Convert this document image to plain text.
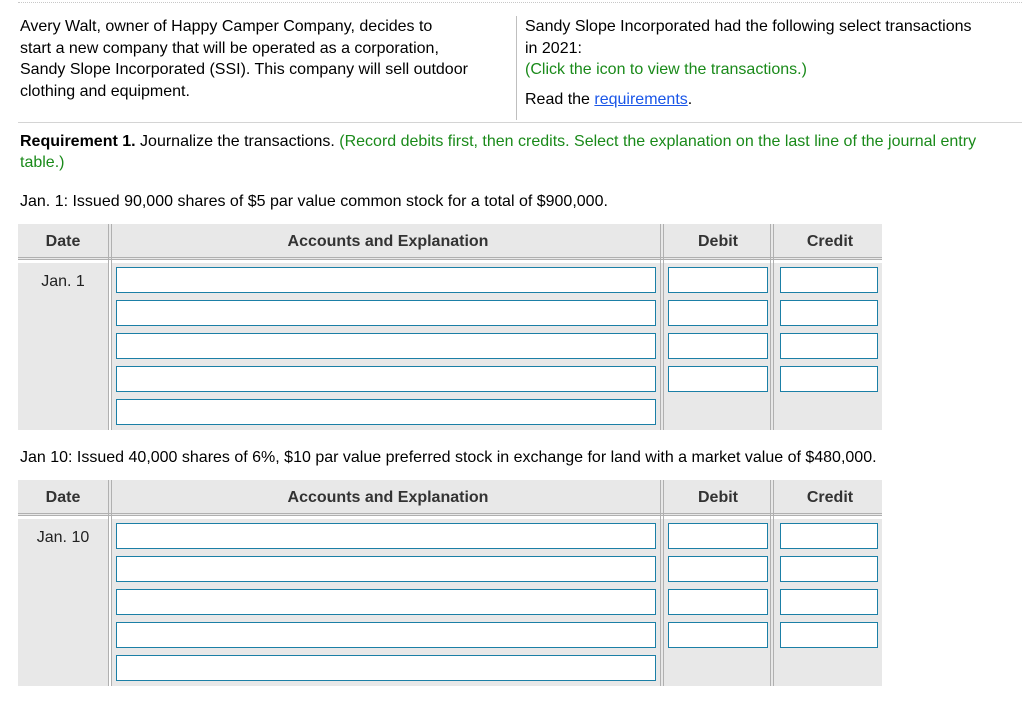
Avery Walt, owner of Happy Camper Company, decides to
start a new company that will be operated as a corporation,
Sandy Slope Incorporated (SSI). This company will sell outdoor
clothing and equipment.
Sandy Slope Incorporated had the following select transactions
in 2021:
(Click the icon to view the transactions.)
Read the requirements.
Requirement 1. Journalize the transactions. (Record debits first, then credits. Select the explanation on the last line of the journal entry table.)
Jan. 1: Issued 90,000 shares of $5 par value common stock for a total of $900,000.
Date	Accounts and Explanation	Debit	Credit
Jan. 1
Jan 10: Issued 40,000 shares of 6%, $10 par value preferred stock in exchange for land with a market value of $480,000.
Date	Accounts and Explanation	Debit	Credit
Jan. 10
